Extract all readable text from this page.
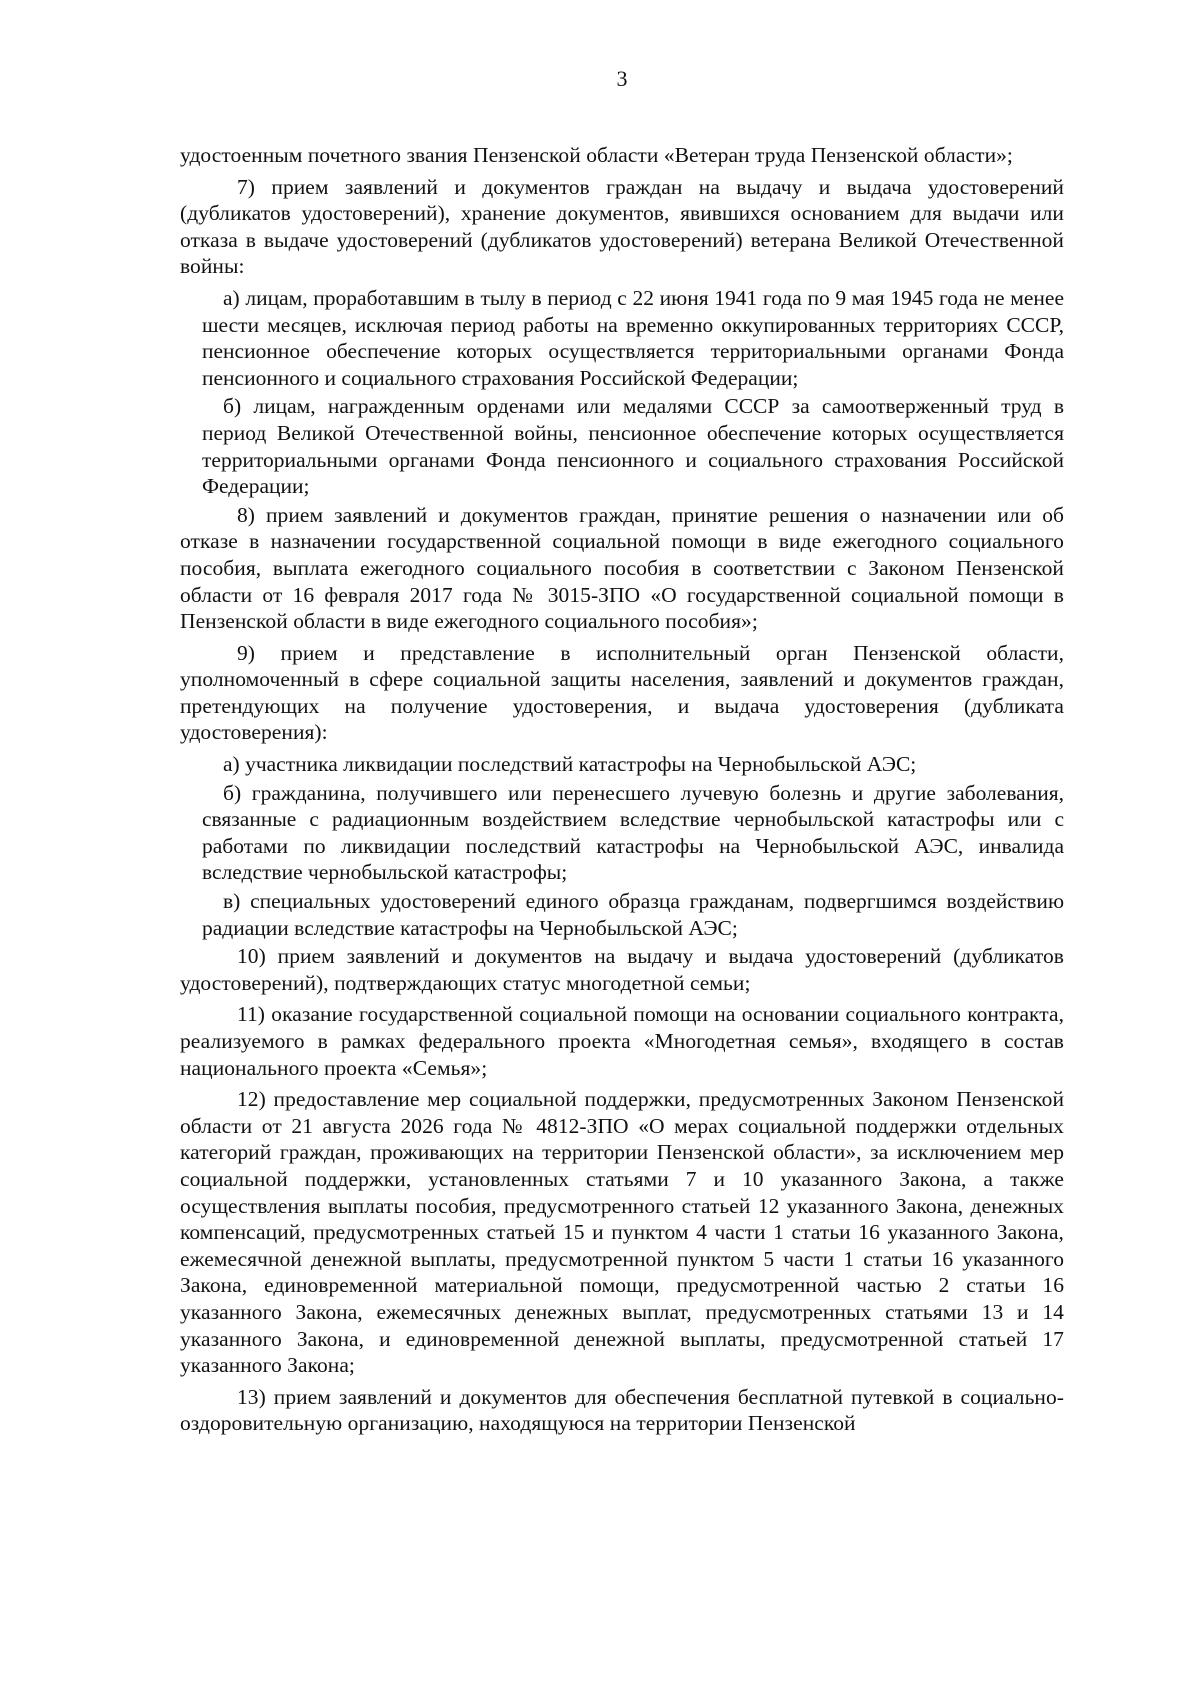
3

удостоенным почетного звания Пензенской области «Ветеран труда Пензенской области»;

7) прием заявлений и документов граждан на выдачу и выдача удостоверений (дубликатов удостоверений), хранение документов, явившихся основанием для выдачи или отказа в выдаче удостоверений (дубликатов удостоверений) ветерана Великой Отечественной войны:

а) лицам, проработавшим в тылу в период с 22 июня 1941 года по 9 мая 1945 года не менее шести месяцев, исключая период работы на временно оккупированных территориях СССР, пенсионное обеспечение которых осуществляется территориальными органами Фонда пенсионного и социального страхования Российской Федерации;

б) лицам, награжденным орденами или медалями СССР за самоотверженный труд в период Великой Отечественной войны, пенсионное обеспечение которых осуществляется территориальными органами Фонда пенсионного и социального страхования Российской Федерации;

8) прием заявлений и документов граждан, принятие решения о назначении или об отказе в назначении государственной социальной помощи в виде ежегодного социального пособия, выплата ежегодного социального пособия в соответствии с Законом Пензенской области от 16 февраля 2017 года № 3015-ЗПО «О государственной социальной помощи в Пензенской области в виде ежегодного социального пособия»;

9) прием и представление в исполнительный орган Пензенской области, уполномоченный в сфере социальной защиты населения, заявлений и документов граждан, претендующих на получение удостоверения, и выдача удостоверения (дубликата удостоверения):

а) участника ликвидации последствий катастрофы на Чернобыльской АЭС;

б) гражданина, получившего или перенесшего лучевую болезнь и другие заболевания, связанные с радиационным воздействием вследствие чернобыльской катастрофы или с работами по ликвидации последствий катастрофы на Чернобыльской АЭС, инвалида вследствие чернобыльской катастрофы;

в) специальных удостоверений единого образца гражданам, подвергшимся воздействию радиации вследствие катастрофы на Чернобыльской АЭС;

10) прием заявлений и документов на выдачу и выдача удостоверений (дубликатов удостоверений), подтверждающих статус многодетной семьи;

11) оказание государственной социальной помощи на основании социального контракта, реализуемого в рамках федерального проекта «Многодетная семья», входящего в состав национального проекта «Семья»;

12) предоставление мер социальной поддержки, предусмотренных Законом Пензенской области от 21 августа 2026 года № 4812-ЗПО «О мерах социальной поддержки отдельных категорий граждан, проживающих на территории Пензенской области», за исключением мер социальной поддержки, установленных статьями 7 и 10 указанного Закона, а также осуществления выплаты пособия, предусмотренного статьей 12 указанного Закона, денежных компенсаций, предусмотренных статьей 15 и пунктом 4 части 1 статьи 16 указанного Закона, ежемесячной денежной выплаты, предусмотренной пунктом 5 части 1 статьи 16 указанного Закона, единовременной материальной помощи, предусмотренной частью 2 статьи 16 указанного Закона, ежемесячных денежных выплат, предусмотренных статьями 13 и 14 указанного Закона, и единовременной денежной выплаты, предусмотренной статьей 17 указанного Закона;

13) прием заявлений и документов для обеспечения бесплатной путевкой в социально-оздоровительную организацию, находящуюся на территории Пензенской
